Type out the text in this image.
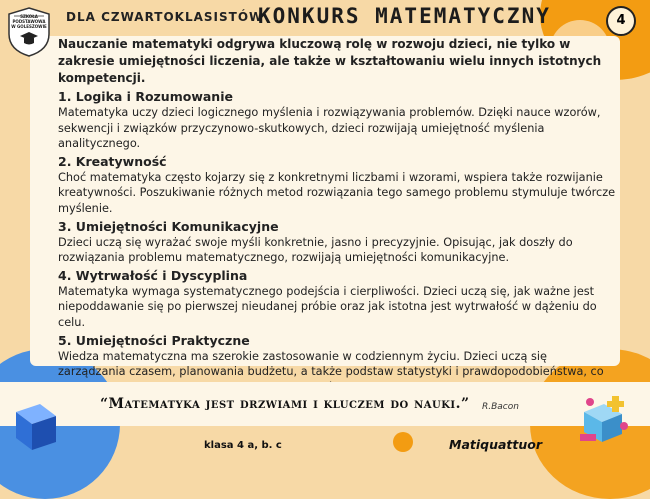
SZKOŁA PODSTAWOWA W GOLESZOWIE
DLA CZWARTOKLASISTÓW
KONKURS MATEMATYCZNY	4
Nauczanie matematyki odgrywa kluczową rolę w rozwoju dzieci, nie tylko w zakresie umiejętności liczenia, ale także w kształtowaniu wielu innych istotnych kompetencji.
1. Logika i Rozumowanie

Matematyka uczy dzieci logicznego myślenia i rozwiązywania problemów. Dzięki nauce wzorów, sekwencji i związków przyczynowo-skutkowych, dzieci rozwijają umiejętność myślenia analitycznego.

2. Kreatywność

Choć matematyka często kojarzy się z konkretnymi liczbami i wzorami, wspiera także rozwijanie kreatywności. Poszukiwanie różnych metod rozwiązania tego samego problemu stymuluje twórcze myślenie.

3. Umiejętności Komunikacyjne

Dzieci uczą się wyrażać swoje myśli konkretnie, jasno i precyzyjnie. Opisując, jak doszły do rozwiązania problemu matematycznego, rozwijają umiejętności komunikacyjne.

4. Wytrwałość i Dyscyplina

Matematyka wymaga systematycznego podejścia i cierpliwości. Dzieci uczą się, jak ważne jest niepoddawanie się po pierwszej nieudanej próbie oraz jak istotna jest wytrwałość w dążeniu do celu.

5. Umiejętności Praktyczne

Wiedza matematyczna ma szerokie zastosowanie w codziennym życiu. Dzieci uczą się zarządzania czasem, planowania budżetu, a także podstaw statystyki i prawdopodobieństwa, co

“Matematyka jest drzwiami i kluczem do nauki.” R.Bacon
klasa 4 a, b. c	Matiquattuor
